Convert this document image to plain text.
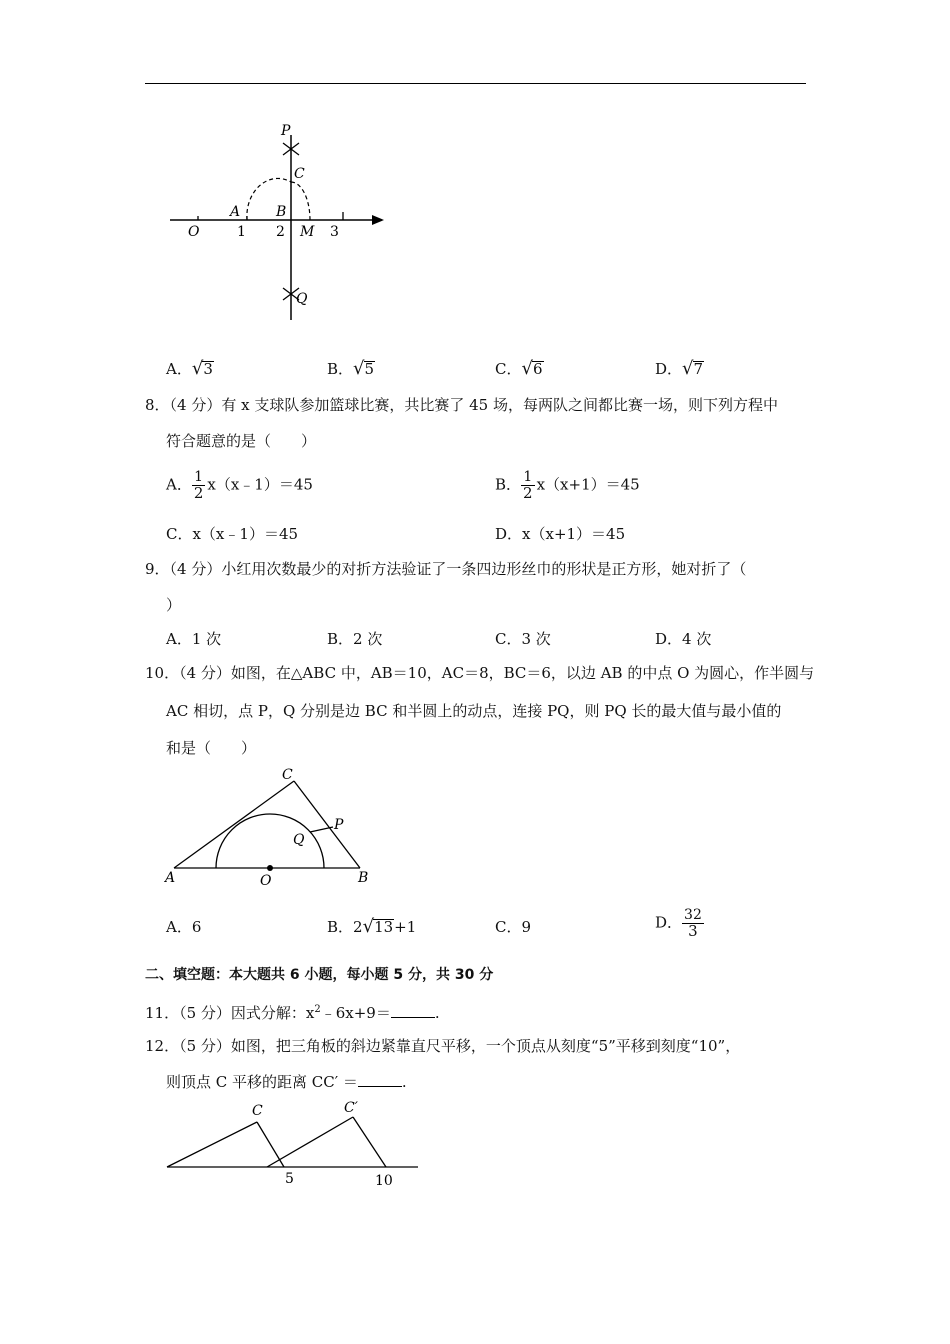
P
C
A	B
O	1 2 M 3
Q
A．√3	B．√5	C．√6	D．√7
8．（4 分）有 x 支球队参加篮球比赛，共比赛了 45 场，每两队之间都比赛一场，则下列方程中
符合题意的是（　　）
A． $\frac{1}{2}$ x（x﹣1）＝45	B． $\frac{1}{2} x(x+1)=45$
C．x（x﹣1）＝45	D．x（x+1）＝45
9．（4 分）小红用次数最少的对折方法验证了一条四边形丝巾的形状是正方形，她对折了（
）
A．1 次	B．2 次	C．3 次	D．4 次
10．（4 分）如图，在△ABC 中，AB＝10，AC＝8，BC＝6，以边 AB 的中点 O 为圆心，作半圆与
AC 相切，点 P，Q 分别是边 BC 和半圆上的动点，连接 PQ，则 PQ 长的最大值与最小值的
和是（　　）
C
P
Q
A	O	B
A．6	B．2√13+1	C．9	D． $\frac{32}{3}$
二、填空题：本大题共 6 小题，每小题 5 分，共 30 分
11．（5 分）因式分解：$x^2﹣6x+9=$	.
12．（5 分）如图，把三角板的斜边紧靠直尺平移，一个顶点从刻度“5”平移到刻度“10”，
则顶点 C 平移的距离 CC′ ＝	.
C	C′
5	10
